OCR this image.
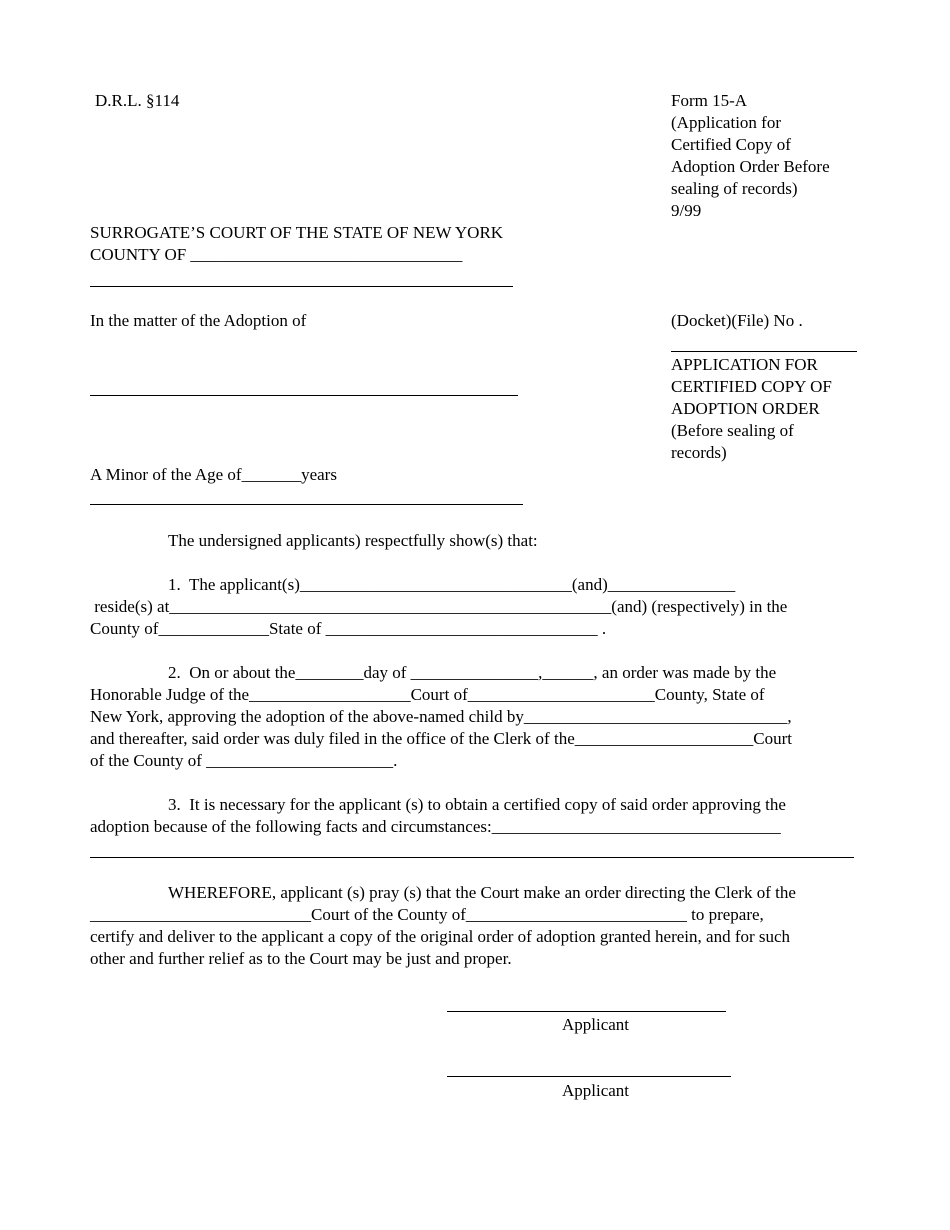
D.R.L. §114	Form 15-A
(Application for
Certified Copy of
Adoption Order Before
sealing of records)
9/99
SURROGATE’S COURT OF THE STATE OF NEW YORK
COUNTY OF ________________________________
In the matter of the Adoption of	(Docket)(File) No .
APPLICATION FOR
CERTIFIED COPY OF
ADOPTION ORDER
(Before sealing of
records)
A Minor of the Age of_______years
The undersigned applicants) respectfully show(s) that:
1.  The applicant(s)________________________________(and)_______________
reside(s) at____________________________________________________(and) (respectively) in the
County of_____________State of ________________________________ .
2.  On or about the________day of _______________,______, an order was made by the
Honorable Judge of the___________________Court of______________________County, State of
New York, approving the adoption of the above-named child by_______________________________,
and thereafter, said order was duly filed in the office of the Clerk of the_____________________Court
of the County of ______________________.
3.  It is necessary for the applicant (s) to obtain a certified copy of said order approving the
adoption because of the following facts and circumstances:__________________________________
WHEREFORE, applicant (s) pray (s) that the Court make an order directing the Clerk of the
__________________________Court of the County of__________________________ to prepare,
certify and deliver to the applicant a copy of the original order of adoption granted herein, and for such
other and further relief as to the Court may be just and proper.
Applicant
Applicant
